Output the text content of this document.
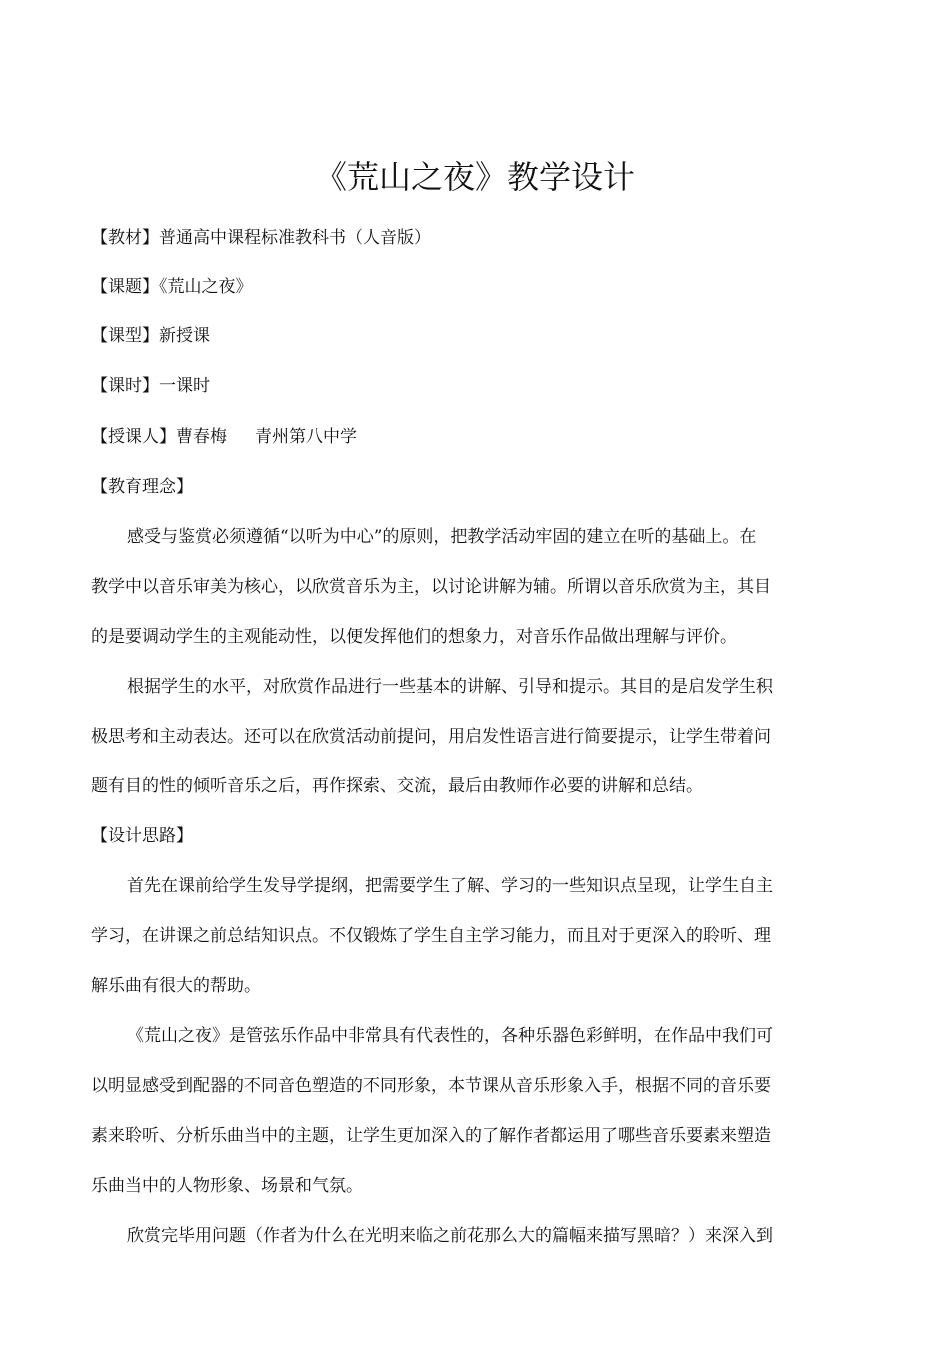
《荒山之夜》教学设计
【教材】普通高中课程标准教科书（人音版）
【课题】《荒山之夜》
【课型】新授课
【课时】一课时
【授课人】曹春梅 青州第八中学
【教育理念】
感受与鉴赏必须遵循“以听为中心”的原则，把教学活动牢固的建立在听的基础上。在
教学中以音乐审美为核心，以欣赏音乐为主，以讨论讲解为辅。所谓以音乐欣赏为主，其目
的是要调动学生的主观能动性，以便发挥他们的想象力，对音乐作品做出理解与评价。
根据学生的水平，对欣赏作品进行一些基本的讲解、引导和提示。其目的是启发学生积
极思考和主动表达。还可以在欣赏活动前提问，用启发性语言进行简要提示，让学生带着问
题有目的性的倾听音乐之后，再作探索、交流，最后由教师作必要的讲解和总结。
【设计思路】
首先在课前给学生发导学提纲，把需要学生了解、学习的一些知识点呈现，让学生自主
学习，在讲课之前总结知识点。不仅锻炼了学生自主学习能力，而且对于更深入的聆听、理
解乐曲有很大的帮助。
《荒山之夜》是管弦乐作品中非常具有代表性的，各种乐器色彩鲜明，在作品中我们可
以明显感受到配器的不同音色塑造的不同形象，本节课从音乐形象入手，根据不同的音乐要
素来聆听、分析乐曲当中的主题，让学生更加深入的了解作者都运用了哪些音乐要素来塑造
乐曲当中的人物形象、场景和气氛。
欣赏完毕用问题（作者为什么在光明来临之前花那么大的篇幅来描写黑暗？）来深入到
